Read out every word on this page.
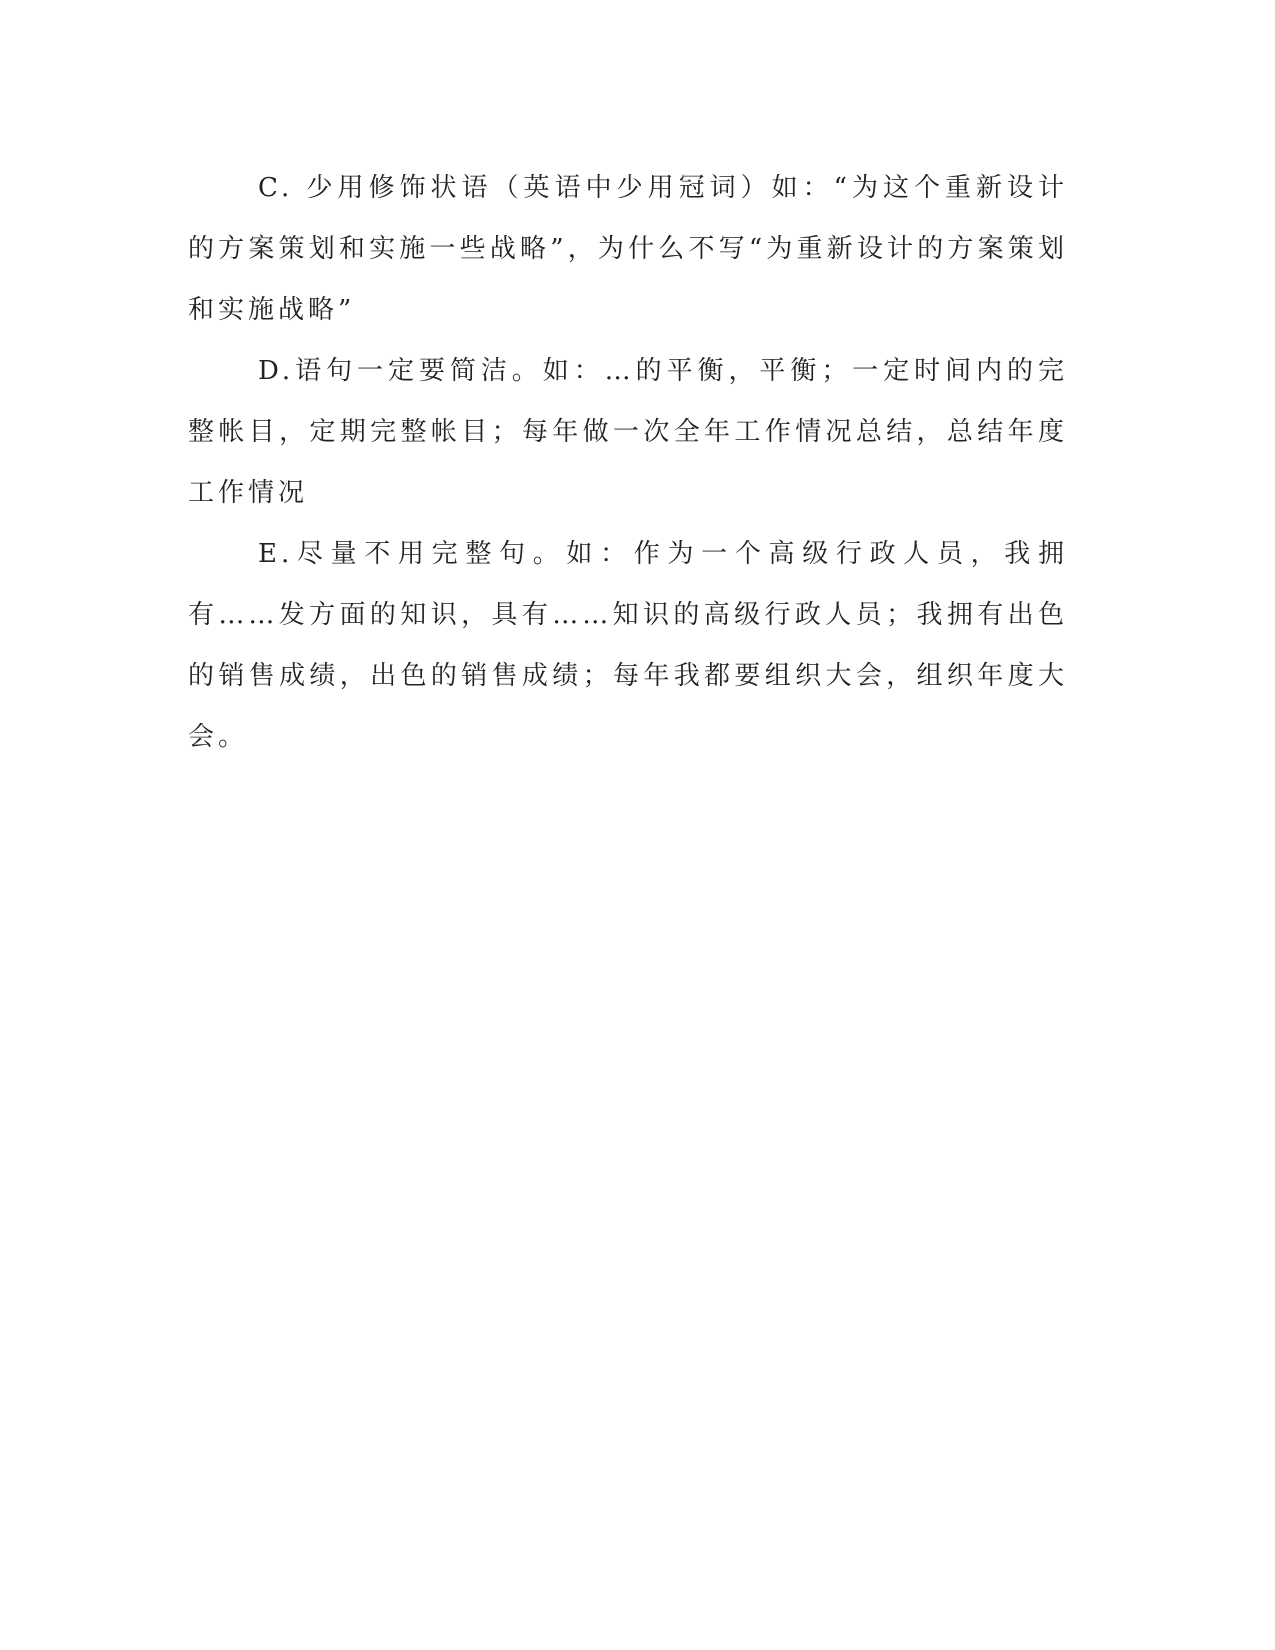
C. 少用修饰状语（英语中少用冠词）如：“为这个重新设计的方案策划和实施一些战略”，为什么不写“为重新设计的方案策划和实施战略”

D.语句一定要简洁。如：…的平衡，平衡；一定时间内的完整帐目，定期完整帐目；每年做一次全年工作情况总结，总结年度工作情况

E.尽量不用完整句。如：作为一个高级行政人员，我拥有……发方面的知识，具有……知识的高级行政人员；我拥有出色的销售成绩，出色的销售成绩；每年我都要组织大会，组织年度大会。
